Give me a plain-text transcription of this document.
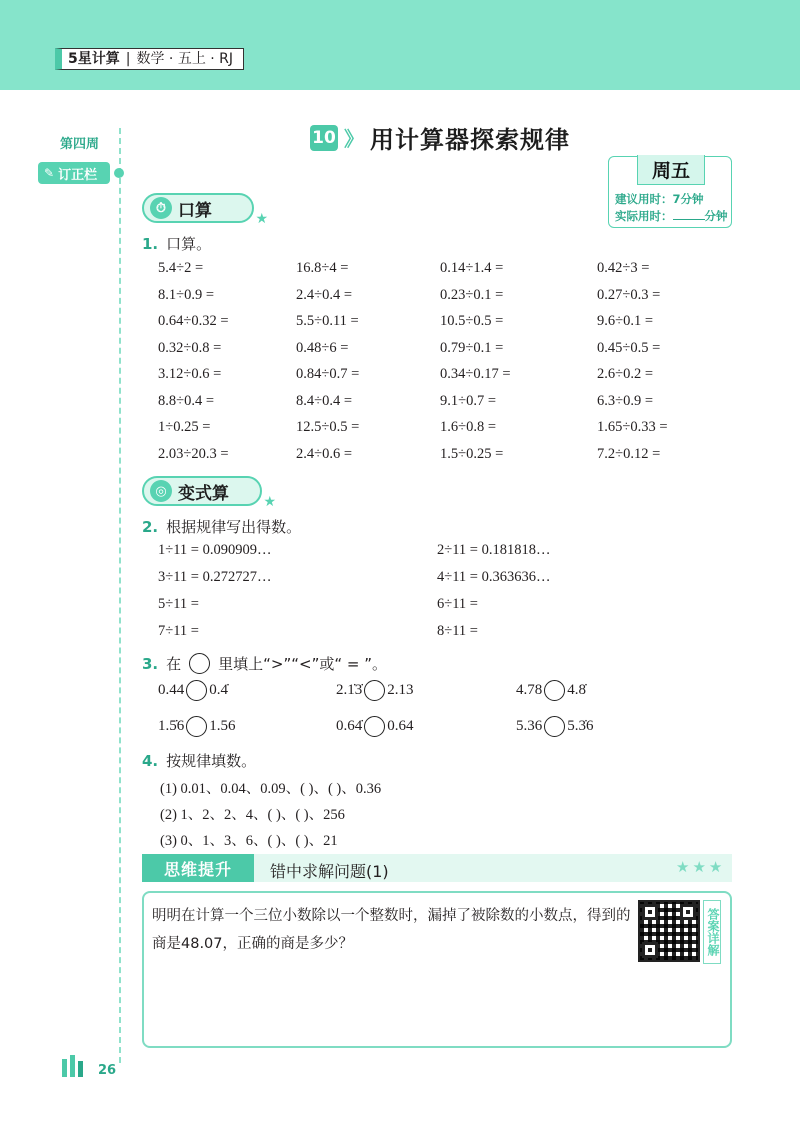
5星计算 | 数学 · 五上 · RJ
第四周
✎ 订正栏
10 》 用计算器探索规律
周五
建议用时：7分钟
实际用时：	分钟
⏱ 口算	★
1. 口算。
5.4÷2 =	16.8÷4 =	0.14÷1.4 =	0.42÷3 =
8.1÷0.9 =	2.4÷0.4 =	0.23÷0.1 =	0.27÷0.3 =
0.64÷0.32 =	5.5÷0.11 =	10.5÷0.5 =	9.6÷0.1 =
0.32÷0.8 =	0.48÷6 =	0.79÷0.1 =	0.45÷0.5 =
3.12÷0.6 =	0.84÷0.7 =	0.34÷0.17 =	2.6÷0.2 =
8.8÷0.4 =	8.4÷0.4 =	9.1÷0.7 =	6.3÷0.9 =
1÷0.25 =	12.5÷0.5 =	1.6÷0.8 =	1.65÷0.33 =
2.03÷20.3 =	2.4÷0.6 =	1.5÷0.25 =	7.2÷0.12 =
◎ 变式算 ★
2. 根据规律写出得数。
1÷11 = 0.090909…	2÷11 = 0.181818…
3÷11 = 0.272727…	4÷11 = 0.363636…
5÷11 =	6÷11 =
7÷11 =	8÷11 =
3. 在 里填上“>”“<”或“ = ”。
0.44 0.4̇	2.1̇3̇ 2.13	4.78 4.8̇
1.5̇6 1.56	0.64̇ 0.64	5.36 5.3̇6
4. 按规律填数。
(1) 0.01、0.04、0.09、( )、( )、0.36
(2) 1、2、2、4、( )、( )、256
(3) 0、1、3、6、( )、( )、21
思维提升	错中求解问题(1)	★★★
明明在计算一个三位小数除以一个整数时，漏掉了被除数的小数点，得到的商是48.07，正确的商是多少？	答案详解
26
